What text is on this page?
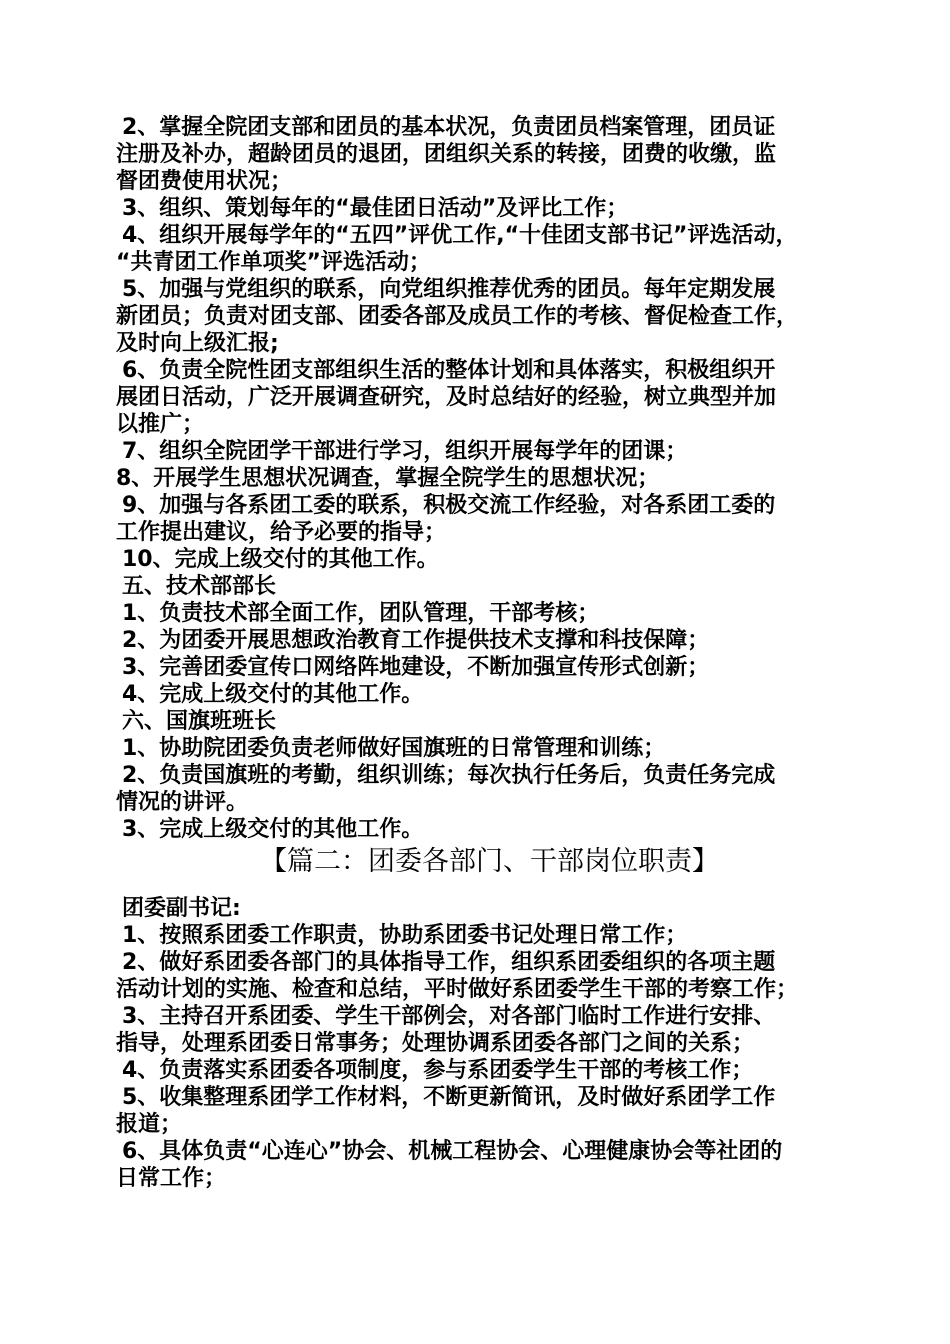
2、掌握全院团支部和团员的基本状况，负责团员档案管理，团员证
注册及补办，超龄团员的退团，团组织关系的转接，团费的收缴，监
督团费使用状况；
3、组织、策划每年的“最佳团日活动”及评比工作；
4、组织开展每学年的“五四”评优工作,“十佳团支部书记”评选活动，
“共青团工作单项奖”评选活动；
5、加强与党组织的联系，向党组织推荐优秀的团员。每年定期发展
新团员；负责对团支部、团委各部及成员工作的考核、督促检查工作，
及时向上级汇报;
6、负责全院性团支部组织生活的整体计划和具体落实，积极组织开
展团日活动，广泛开展调查研究，及时总结好的经验，树立典型并加
以推广；
7、组织全院团学干部进行学习，组织开展每学年的团课；
8、开展学生思想状况调查，掌握全院学生的思想状况；
9、加强与各系团工委的联系，积极交流工作经验，对各系团工委的
工作提出建议，给予必要的指导；
10、完成上级交付的其他工作。
五、技术部部长
1、负责技术部全面工作，团队管理，干部考核；
2、为团委开展思想政治教育工作提供技术支撑和科技保障；
3、完善团委宣传口网络阵地建设，不断加强宣传形式创新；
4、完成上级交付的其他工作。
六、国旗班班长
1、协助院团委负责老师做好国旗班的日常管理和训练；
2、负责国旗班的考勤，组织训练；每次执行任务后，负责任务完成
情况的讲评。
3、完成上级交付的其他工作。
【篇二：团委各部门、干部岗位职责】
团委副书记:
1、按照系团委工作职责，协助系团委书记处理日常工作；
2、做好系团委各部门的具体指导工作，组织系团委组织的各项主题
活动计划的实施、检查和总结，平时做好系团委学生干部的考察工作；
3、主持召开系团委、学生干部例会，对各部门临时工作进行安排、
指导，处理系团委日常事务；处理协调系团委各部门之间的关系；
4、负责落实系团委各项制度，参与系团委学生干部的考核工作；
5、收集整理系团学工作材料，不断更新简讯，及时做好系团学工作
报道；
6、具体负责“心连心”协会、机械工程协会、心理健康协会等社团的
日常工作；
